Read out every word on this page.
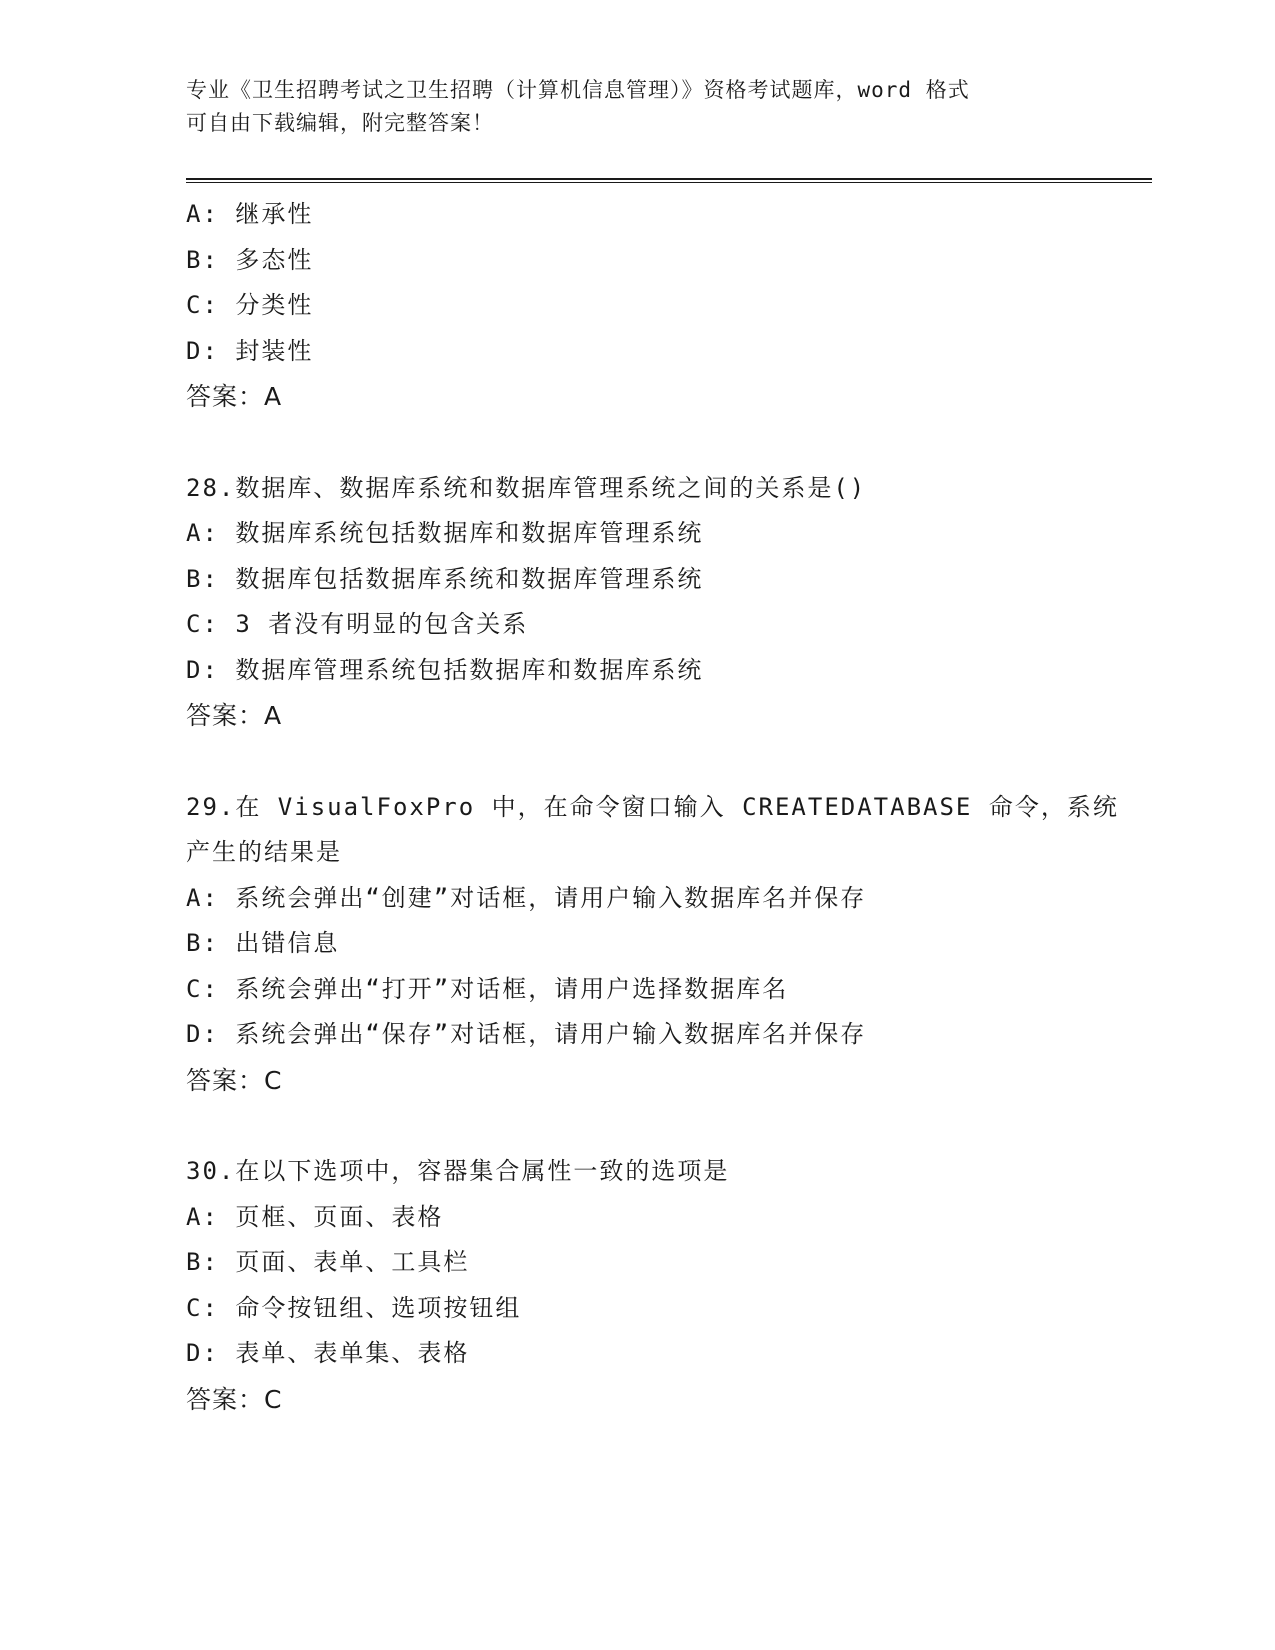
专业《卫生招聘考试之卫生招聘（计算机信息管理）》资格考试题库，word 格式
可自由下载编辑，附完整答案！
A: 继承性
B: 多态性
C: 分类性
D: 封装性
答案：A
28.数据库、数据库系统和数据库管理系统之间的关系是()
A: 数据库系统包括数据库和数据库管理系统
B: 数据库包括数据库系统和数据库管理系统
C: 3 者没有明显的包含关系
D: 数据库管理系统包括数据库和数据库系统
答案：A
29.在 VisualFoxPro 中，在命令窗口输入 CREATEDATABASE 命令，系统
产生的结果是
A: 系统会弹出“创建”对话框，请用户输入数据库名并保存
B: 出错信息
C: 系统会弹出“打开”对话框，请用户选择数据库名
D: 系统会弹出“保存”对话框，请用户输入数据库名并保存
答案：C
30.在以下选项中，容器集合属性一致的选项是
A: 页框、页面、表格
B: 页面、表单、工具栏
C: 命令按钮组、选项按钮组
D: 表单、表单集、表格
答案：C
